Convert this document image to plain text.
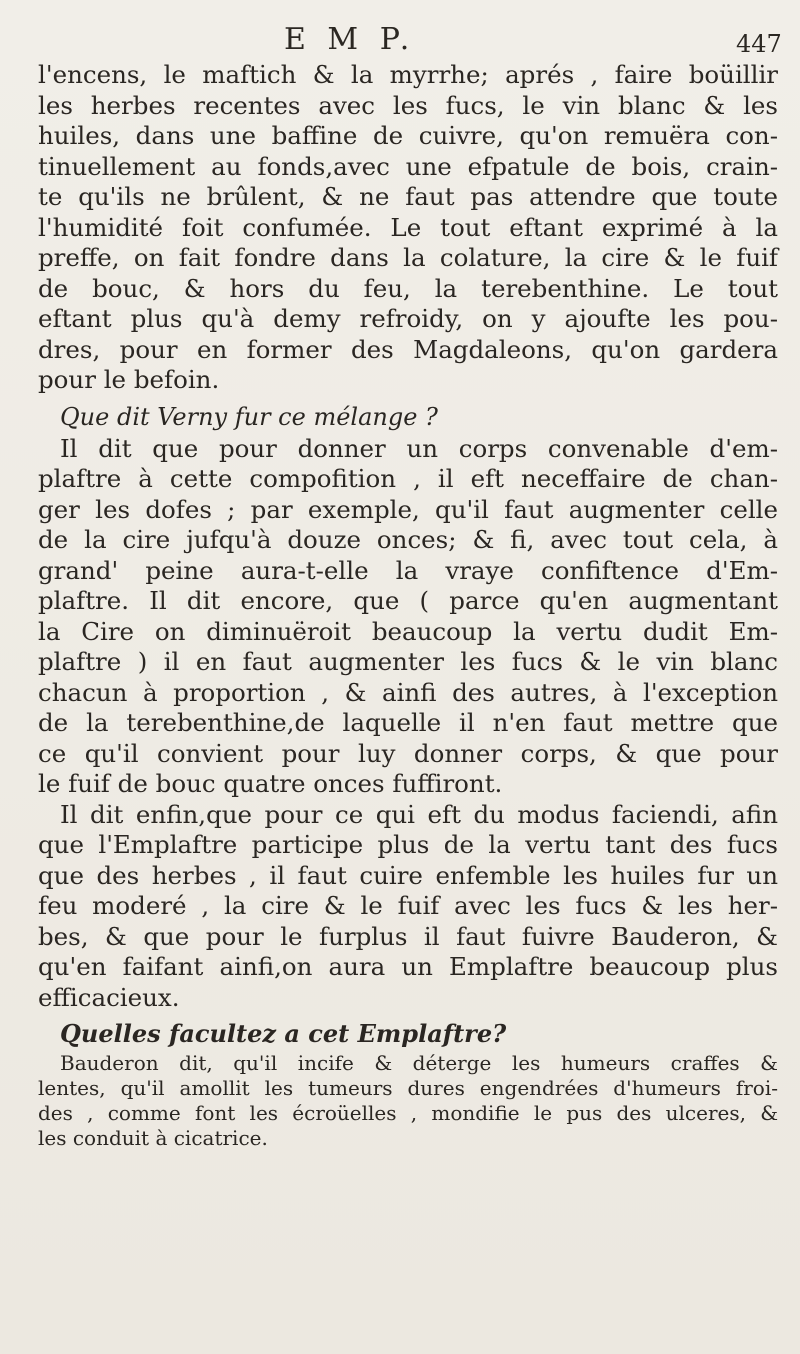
E M P.	447
l'encens, le maftich & la myrrhe; aprés , faire boüillir
les herbes recentes avec les fucs, le vin blanc & les
huiles, dans une baffine de cuivre, qu'on remuëra con-
tinuellement au fonds,avec une efpatule de bois, crain-
te qu'ils ne brûlent, & ne faut pas attendre que toute
l'humidité foit confumée. Le tout eftant exprimé à la
preffe, on fait fondre dans la colature, la cire & le fuif
de bouc, & hors du feu, la terebenthine. Le tout
eftant plus qu'à demy refroidy, on y ajoufte les pou-
dres, pour en former des Magdaleons, qu'on gardera
pour le befoin.
Que dit Verny fur ce mélange ?
Il dit que pour donner un corps convenable d'em-
plaftre à cette compofition , il eft neceffaire de chan-
ger les dofes ; par exemple, qu'il faut augmenter celle
de la cire jufqu'à douze onces; & fi, avec tout cela, à
grand' peine aura-t-elle la vraye confiftence d'Em-
plaftre. Il dit encore, que ( parce qu'en augmentant
la Cire on diminuëroit beaucoup la vertu dudit Em-
plaftre ) il en faut augmenter les fucs & le vin blanc
chacun à proportion , & ainfi des autres, à l'exception
de la terebenthine,de laquelle il n'en faut mettre que
ce qu'il convient pour luy donner corps, & que pour
le fuif de bouc quatre onces fuffiront.
Il dit enfin,que pour ce qui eft du modus faciendi, afin
que l'Emplaftre participe plus de la vertu tant des fucs
que des herbes , il faut cuire enfemble les huiles fur un
feu moderé , la cire & le fuif avec les fucs & les her-
bes, & que pour le furplus il faut fuivre Bauderon, &
qu'en faifant ainfi,on aura un Emplaftre beaucoup plus
efficacieux.
Quelles facultez a cet Emplaftre?
Bauderon dit, qu'il incife & déterge les humeurs craffes &
lentes, qu'il amollit les tumeurs dures engendrées d'humeurs froi-
des , comme font les écroüelles , mondifie le pus des ulceres, &
les conduit à cicatrice.
